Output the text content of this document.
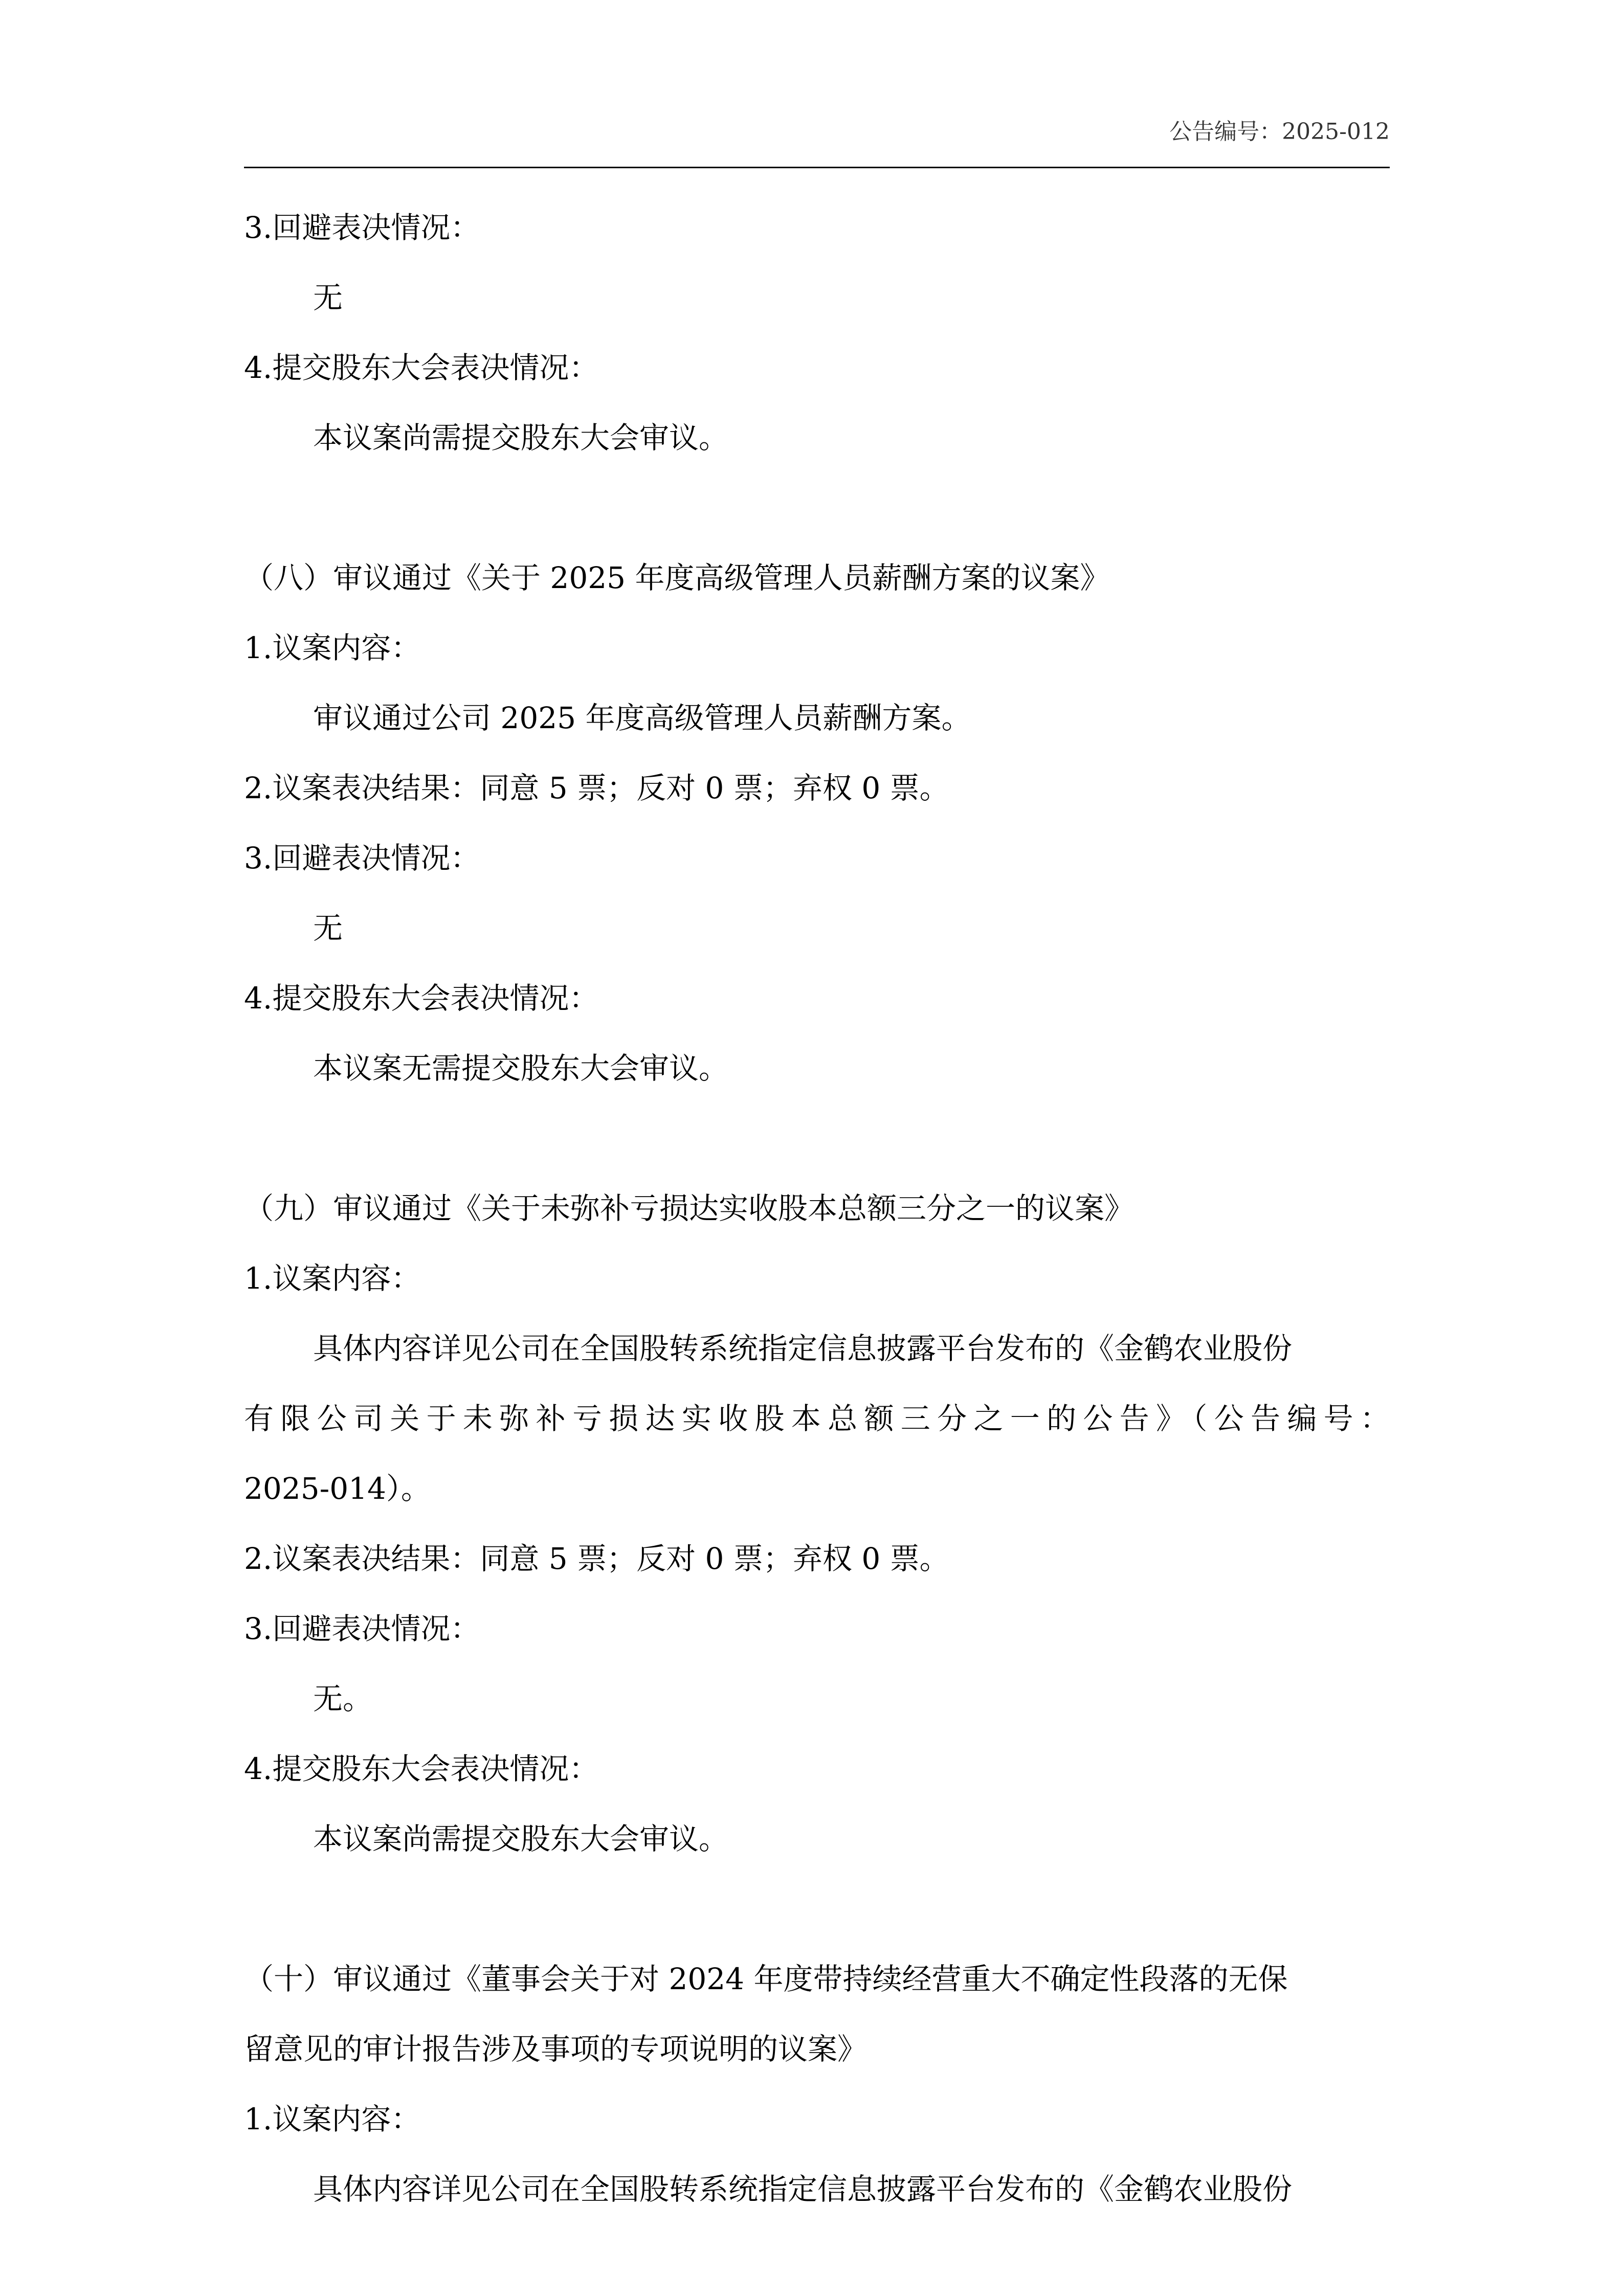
公告编号：2025-012
3.回避表决情况：
无
4.提交股东大会表决情况：
本议案尚需提交股东大会审议。
（八）审议通过《关于 2025 年度高级管理人员薪酬方案的议案》
1.议案内容：
审议通过公司 2025 年度高级管理人员薪酬方案。
2.议案表决结果：同意 5 票；反对 0 票；弃权 0 票。
3.回避表决情况：
无
4.提交股东大会表决情况：
本议案无需提交股东大会审议。
（九）审议通过《关于未弥补亏损达实收股本总额三分之一的议案》
1.议案内容：
具体内容详见公司在全国股转系统指定信息披露平台发布的《金鹤农业股份
有限公司关于未弥补亏损达实收股本总额三分之一的公告》（公告编号：
2025-014）。
2.议案表决结果：同意 5 票；反对 0 票；弃权 0 票。
3.回避表决情况：
无。
4.提交股东大会表决情况：
本议案尚需提交股东大会审议。
（十）审议通过《董事会关于对 2024 年度带持续经营重大不确定性段落的无保
留意见的审计报告涉及事项的专项说明的议案》
1.议案内容：
具体内容详见公司在全国股转系统指定信息披露平台发布的《金鹤农业股份
